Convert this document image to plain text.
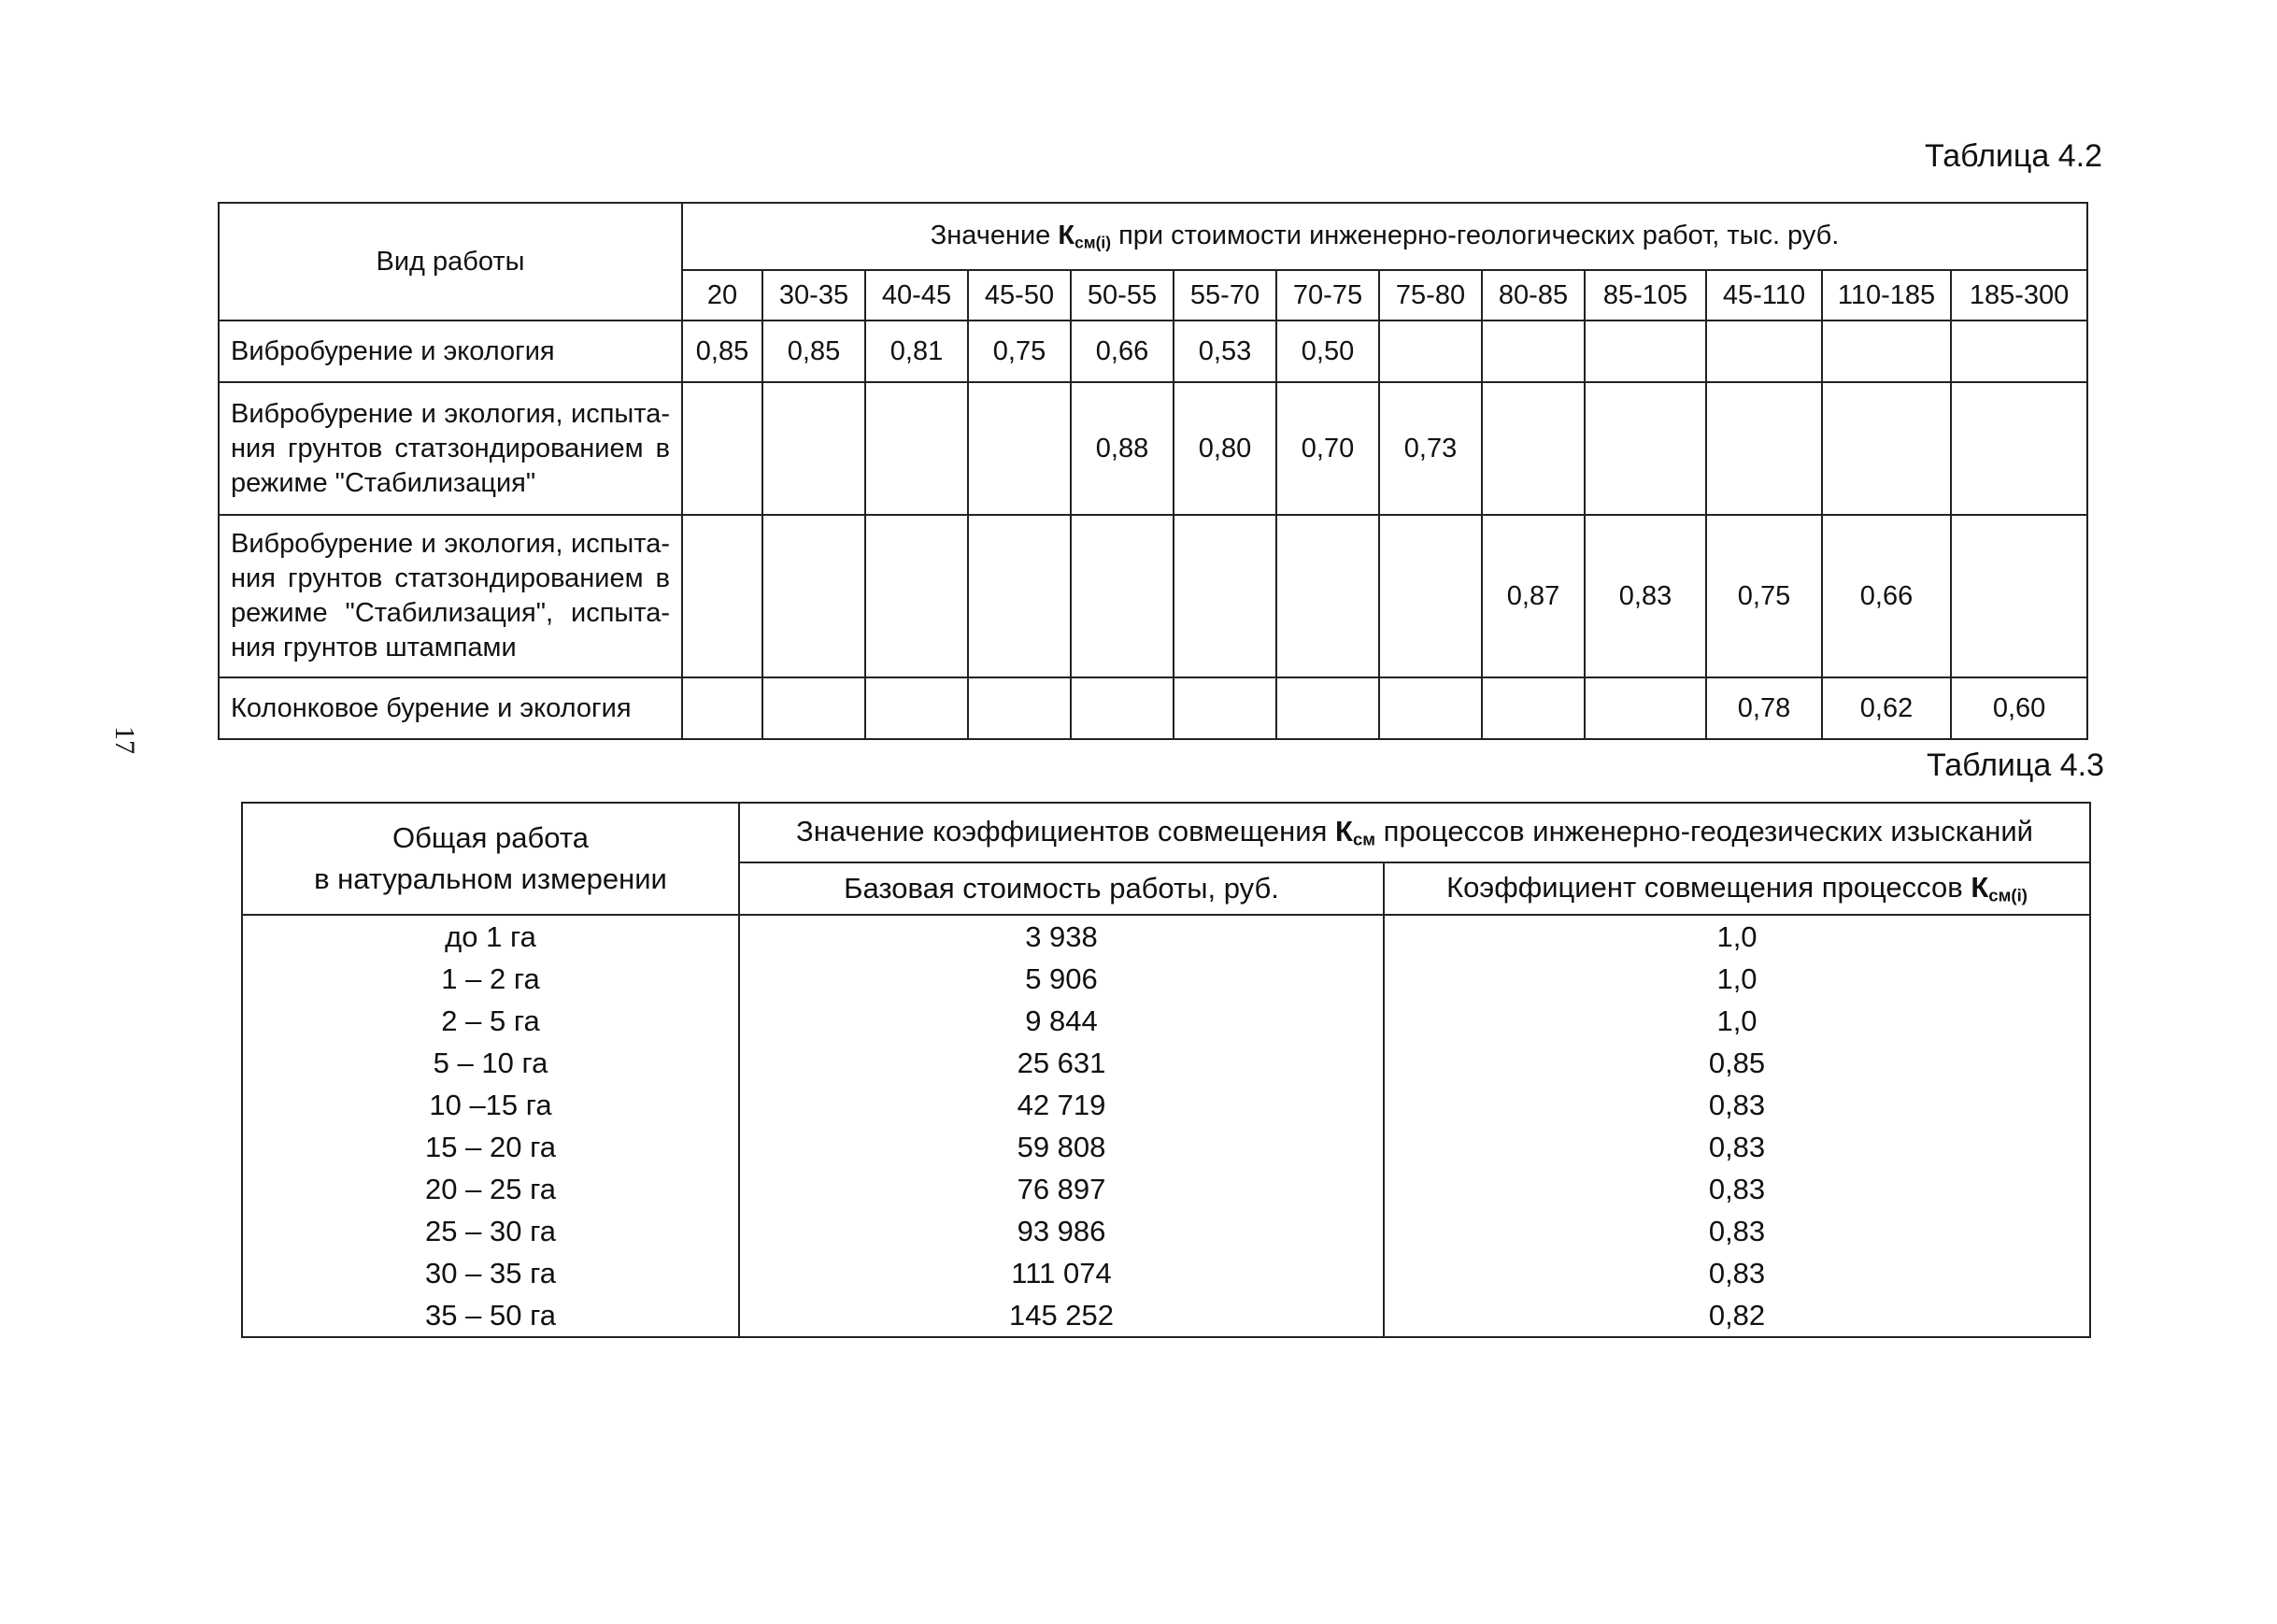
17
Таблица 4.2
Вид работы	Значение $К_{см(i)}$ при стоимости инженерно-геологических работ, тыс. руб.												
	20	30-35	40-45	45-50	50-55	55-70	70-75	75-80	80-85	85-105	45-110	110-185	185-300
Вибробурение и экология	0,85	0,85	0,81	0,75	0,66	0,53	0,50						
Вибробурение и экология, испыта-ния грунтов статзондированием в режиме "Стабилизация"					0,88	0,80	0,70	0,73					
Вибробурение и экология, испыта-ния грунтов статзондированием в режиме "Стабилизация", испыта-ния грунтов штампами									0,87	0,83	0,75	0,66	
Колонковое бурение и экология											0,78	0,62	0,60
Таблица 4.3
Общая работа
в натуральном измерении	Значение коэффициентов совмещения $К_{см}$ процессов инженерно-геодезических изысканий	
	Базовая стоимость работы, руб.	Коэффициент совмещения процессов $К_{см(i)}$
до 1 га	3 938	1,0
1 – 2 га	5 906	1,0
2 – 5 га	9 844	1,0
5 – 10 га	25 631	0,85
10 –15 га	42 719	0,83
15 – 20 га	59 808	0,83
20 – 25 га	76 897	0,83
25 – 30 га	93 986	0,83
30 – 35 га	111 074	0,83
35 – 50 га	145 252	0,82
